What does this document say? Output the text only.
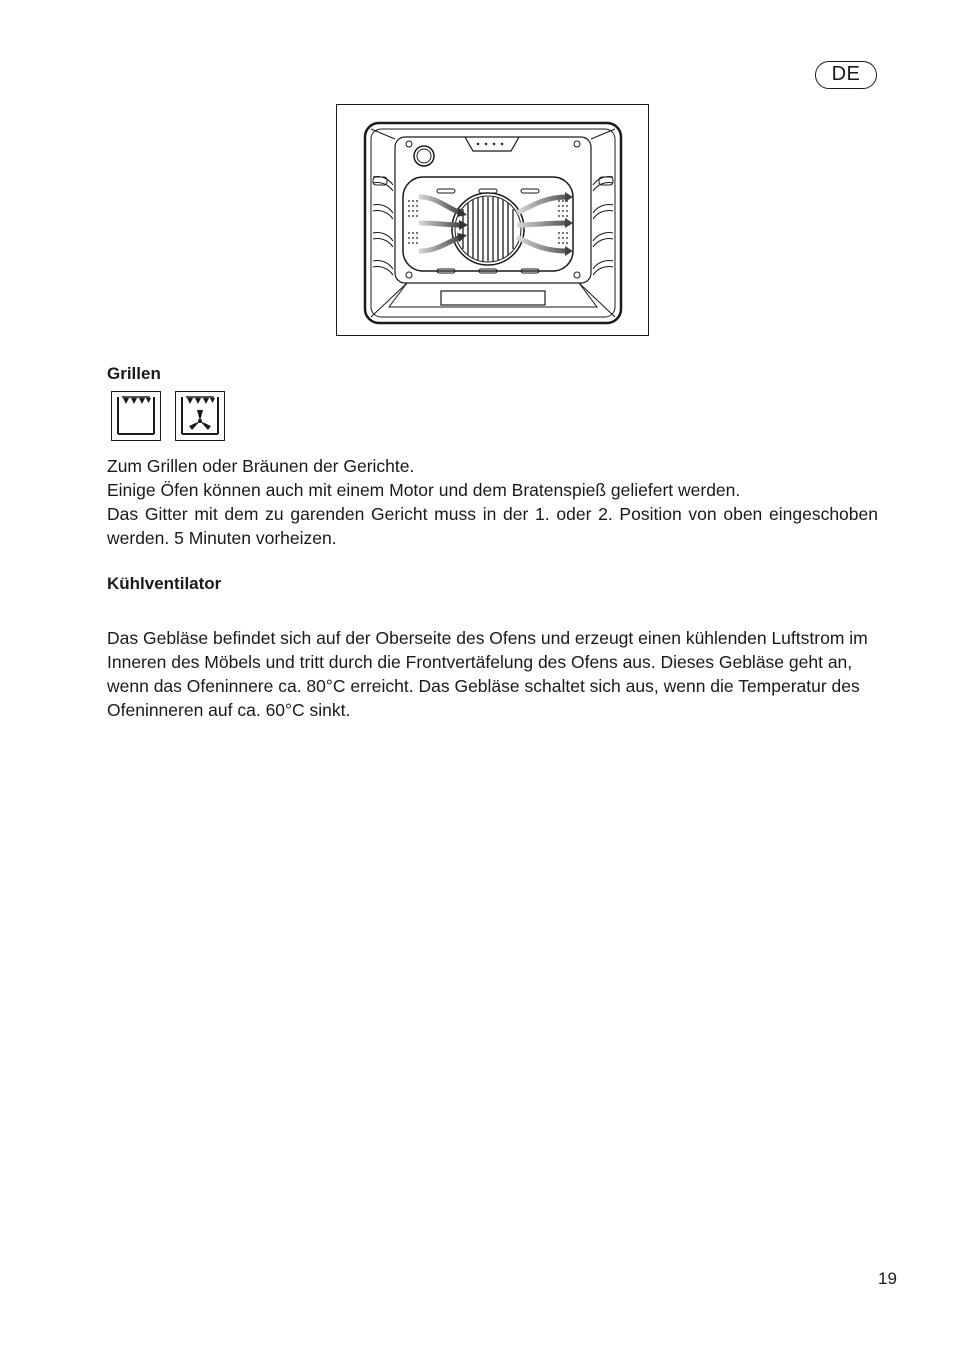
DE
Grillen

Zum Grillen oder Bräunen der Gerichte.

Einige Öfen können auch mit einem Motor und dem Bratenspieß geliefert werden.

Das Gitter mit dem zu garenden Gericht muss in der 1. oder 2. Position von oben eingeschoben werden. 5 Minuten vorheizen.

Kühlventilator

Das Gebläse befindet sich auf der Oberseite des Ofens und erzeugt einen kühlenden Luftstrom im Inneren des Möbels und tritt durch die Frontvertäfelung des Ofens aus. Dieses Gebläse geht an, wenn das Ofeninnere ca. 80°C erreicht. Das Gebläse schaltet sich aus, wenn die Temperatur des Ofeninneren auf ca. 60°C sinkt.

19
